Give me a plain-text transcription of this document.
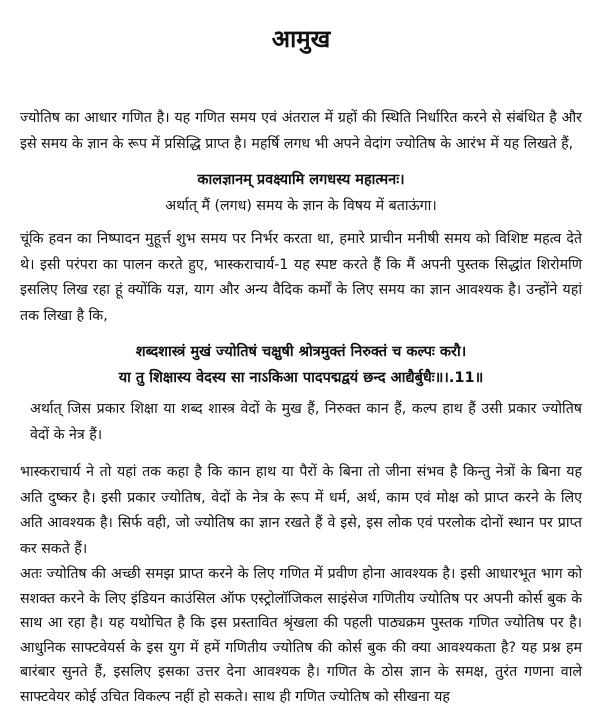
आमुख

ज्योतिष का आधार गणित है। यह गणित समय एवं अंतराल में ग्रहों की स्थिति निर्धारित करने से संबंधित है और इसे समय के ज्ञान के रूप में प्रसिद्धि प्राप्त है। महर्षि लगध भी अपने वेदांग ज्योतिष के आरंभ में यह लिखते हैं,

कालज्ञानम् प्रवक्ष्यामि लगधस्य महात्मनः।
अर्थात् मैं (लगध) समय के ज्ञान के विषय में बताऊंगा।

चूंकि हवन का निष्पादन मुहूर्त्त शुभ समय पर निर्भर करता था, हमारे प्राचीन मनीषी समय को विशिष्ट महत्व देते थे। इसी परंपरा का पालन करते हुए, भास्कराचार्य-1 यह स्पष्ट करते हैं कि मैं अपनी पुस्तक सिद्धांत शिरोमणि इसलिए लिख रहा हूं क्योंकि यज्ञ, याग और अन्य वैदिक कर्मों के लिए समय का ज्ञान आवश्यक है। उन्होंने यहां तक लिखा है कि,

शब्दशास्त्रं मुखं ज्योतिषं चक्षुषी श्रोत्रमुक्तं निरुक्तं च कल्पः करौ।
या तु शिक्षास्य वेदस्य सा नाऽकिआ पादपद्मद्वयं छन्द आद्यैर्बुधैः॥।.11॥

अर्थात् जिस प्रकार शिक्षा या शब्द शास्त्र वेदों के मुख हैं, निरुक्त कान हैं, कल्प हाथ हैं उसी प्रकार ज्योतिष वेदों के नेत्र हैं।

भास्कराचार्य ने तो यहां तक कहा है कि कान हाथ या पैरों के बिना तो जीना संभव है किन्तु नेत्रों के बिना यह अति दुष्कर है। इसी प्रकार ज्योतिष, वेदों के नेत्र के रूप में धर्म, अर्थ, काम एवं मोक्ष को प्राप्त करने के लिए अति आवश्यक है। सिर्फ वही, जो ज्योतिष का ज्ञान रखते हैं वे इसे, इस लोक एवं परलोक दोनों स्थान पर प्राप्त कर सकते हैं।

अतः ज्योतिष की अच्छी समझ प्राप्त करने के लिए गणित में प्रवीण होना आवश्यक है। इसी आधारभूत भाग को सशक्त करने के लिए इंडियन काउंसिल ऑफ एस्ट्रोलॉजिकल साइंसेज गणितीय ज्योतिष पर अपनी कोर्स बुक के साथ आ रहा है। यह यथोचित है कि इस प्रस्तावित श्रृंखला की पहली पाठ्यक्रम पुस्तक गणित ज्योतिष पर है। आधुनिक साफ्टवेयर्स के इस युग में हमें गणितीय ज्योतिष की कोर्स बुक की क्या आवश्यकता है? यह प्रश्न हम बारंबार सुनते हैं, इसलिए इसका उत्तर देना आवश्यक है। गणित के ठोस ज्ञान के समक्ष, तुरंत गणना वाले साफ्टवेयर कोई उचित विकल्प नहीं हो सकते। साथ ही गणित ज्योतिष को सीखना यह
